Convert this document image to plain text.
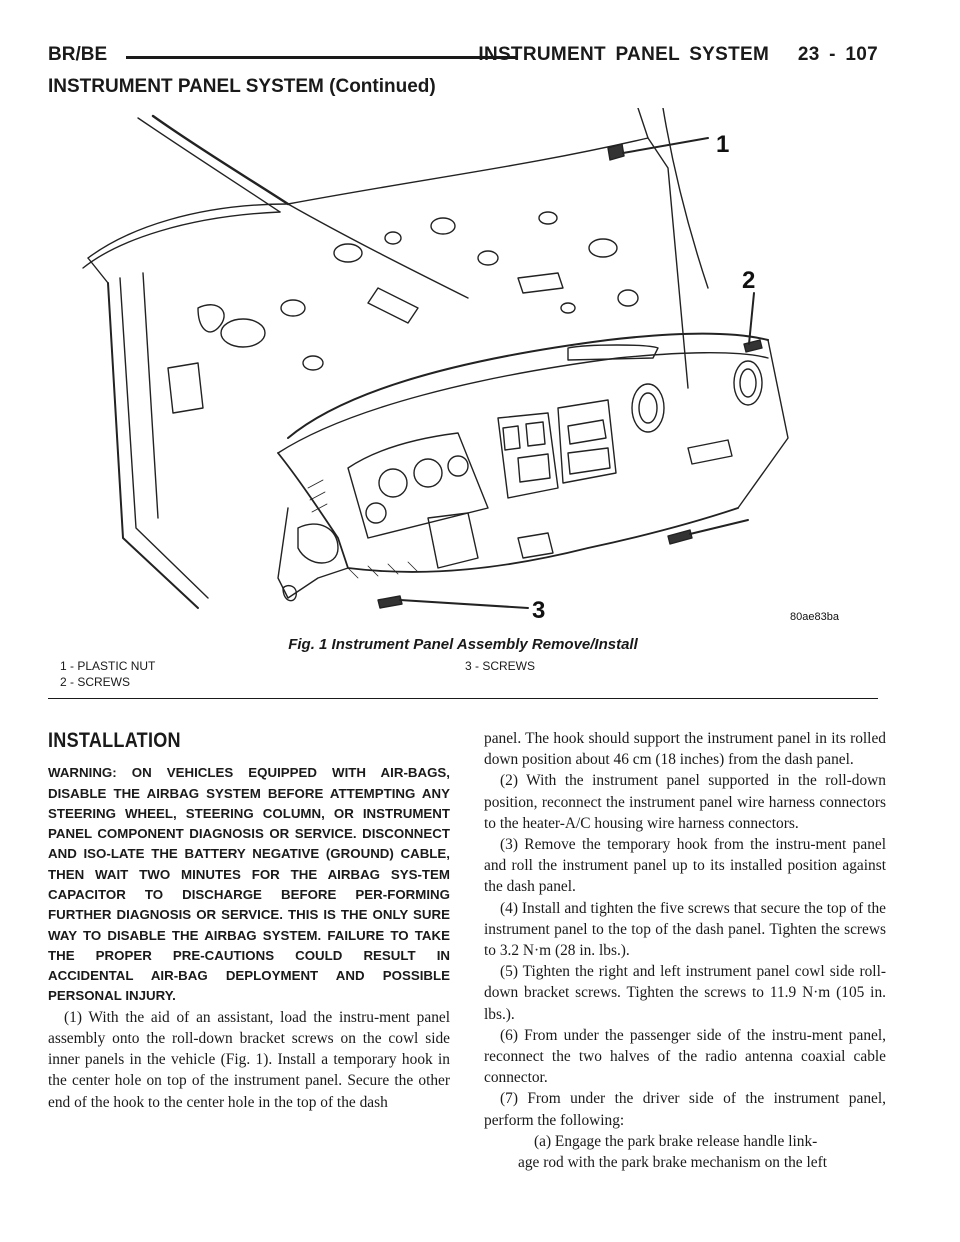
BR/BE	INSTRUMENT PANEL SYSTEM   23 - 107
INSTRUMENT PANEL SYSTEM (Continued)
1
2
3	80ae83ba
Fig. 1 Instrument Panel Assembly Remove/Install
1 - PLASTIC NUT
2 - SCREWS
3 - SCREWS
INSTALLATION

WARNING: ON VEHICLES EQUIPPED WITH AIR-BAGS, DISABLE THE AIRBAG SYSTEM BEFORE ATTEMPTING ANY STEERING WHEEL, STEERING COLUMN, OR INSTRUMENT PANEL COMPONENT DIAGNOSIS OR SERVICE. DISCONNECT AND ISO-LATE THE BATTERY NEGATIVE (GROUND) CABLE, THEN WAIT TWO MINUTES FOR THE AIRBAG SYS-TEM CAPACITOR TO DISCHARGE BEFORE PER-FORMING FURTHER DIAGNOSIS OR SERVICE. THIS IS THE ONLY SURE WAY TO DISABLE THE AIRBAG SYSTEM. FAILURE TO TAKE THE PROPER PRE-CAUTIONS COULD RESULT IN ACCIDENTAL AIR-BAG DEPLOYMENT AND POSSIBLE PERSONAL INJURY.

(1) With the aid of an assistant, load the instru-ment panel assembly onto the roll-down bracket screws on the cowl side inner panels in the vehicle (Fig. 1). Install a temporary hook in the center hole on top of the instrument panel. Secure the other end of the hook to the center hole in the top of the dash

panel. The hook should support the instrument panel in its rolled down position about 46 cm (18 inches) from the dash panel.

(2) With the instrument panel supported in the roll-down position, reconnect the instrument panel wire harness connectors to the heater-A/C housing wire harness connectors.

(3) Remove the temporary hook from the instru-ment panel and roll the instrument panel up to its installed position against the dash panel.

(4) Install and tighten the five screws that secure the top of the instrument panel to the top of the dash panel. Tighten the screws to 3.2 N·m (28 in. lbs.).

(5) Tighten the right and left instrument panel cowl side roll-down bracket screws. Tighten the screws to 11.9 N·m (105 in. lbs.).

(6) From under the passenger side of the instru-ment panel, reconnect the two halves of the radio antenna coaxial cable connector.

(7) From under the driver side of the instrument panel, perform the following:

(a) Engage the park brake release handle link-

age rod with the park brake mechanism on the left
